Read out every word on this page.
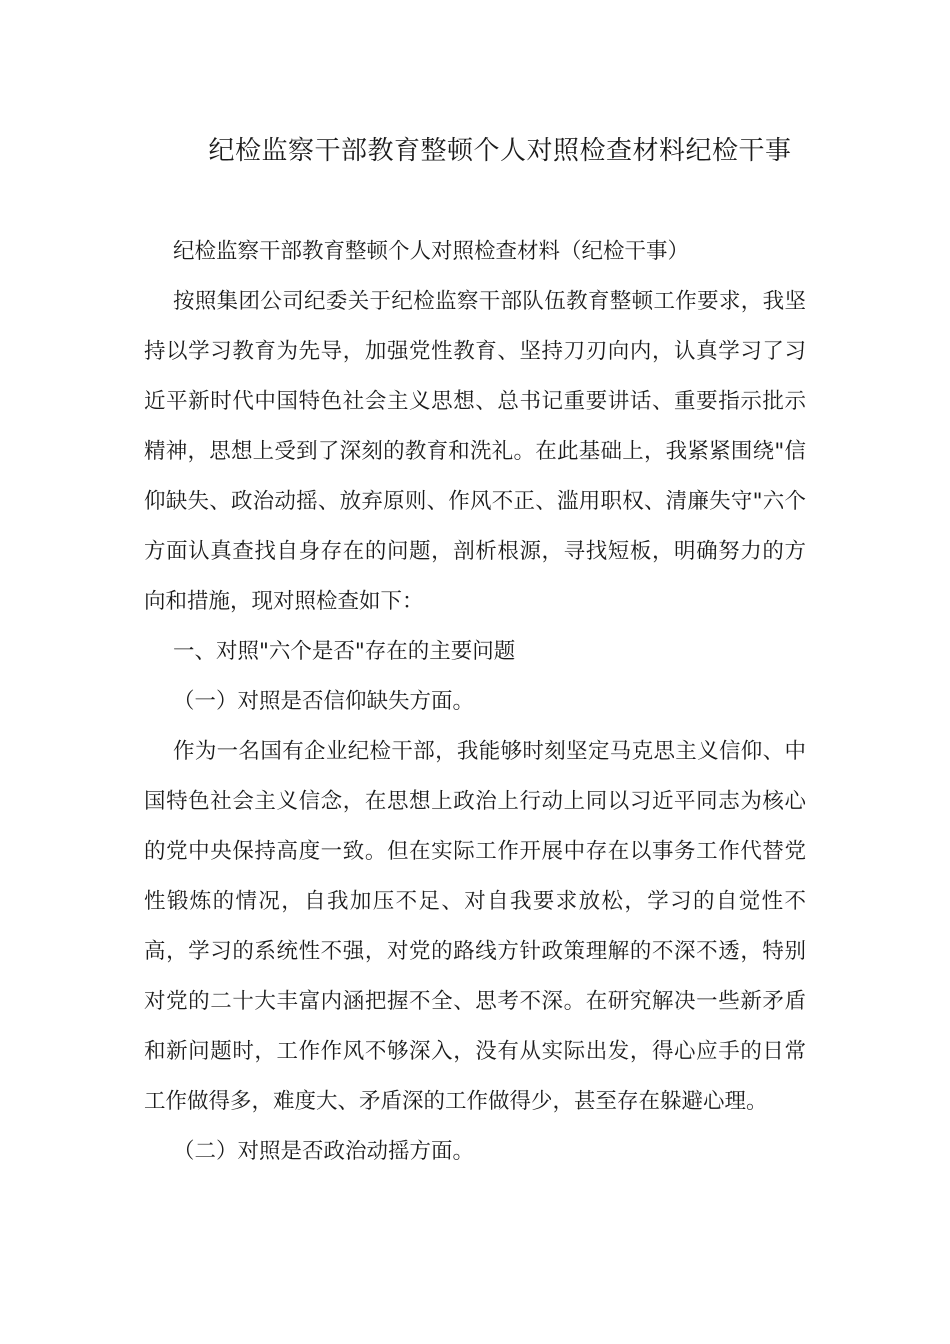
纪检监察干部教育整顿个人对照检查材料纪检干事

纪检监察干部教育整顿个人对照检查材料（纪检干事）

按照集团公司纪委关于纪检监察干部队伍教育整顿工作要求，我坚持以学习教育为先导，加强党性教育、坚持刀刃向内，认真学习了习近平新时代中国特色社会主义思想、总书记重要讲话、重要指示批示精神，思想上受到了深刻的教育和洗礼。在此基础上，我紧紧围绕"信仰缺失、政治动摇、放弃原则、作风不正、滥用职权、清廉失守"六个方面认真查找自身存在的问题，剖析根源，寻找短板，明确努力的方向和措施，现对照检查如下：

一、对照"六个是否"存在的主要问题

（一）对照是否信仰缺失方面。

作为一名国有企业纪检干部，我能够时刻坚定马克思主义信仰、中国特色社会主义信念，在思想上政治上行动上同以习近平同志为核心的党中央保持高度一致。但在实际工作开展中存在以事务工作代替党性锻炼的情况，自我加压不足、对自我要求放松，学习的自觉性不高，学习的系统性不强，对党的路线方针政策理解的不深不透，特别对党的二十大丰富内涵把握不全、思考不深。在研究解决一些新矛盾和新问题时，工作作风不够深入，没有从实际出发，得心应手的日常工作做得多，难度大、矛盾深的工作做得少，甚至存在躲避心理。

（二）对照是否政治动摇方面。
